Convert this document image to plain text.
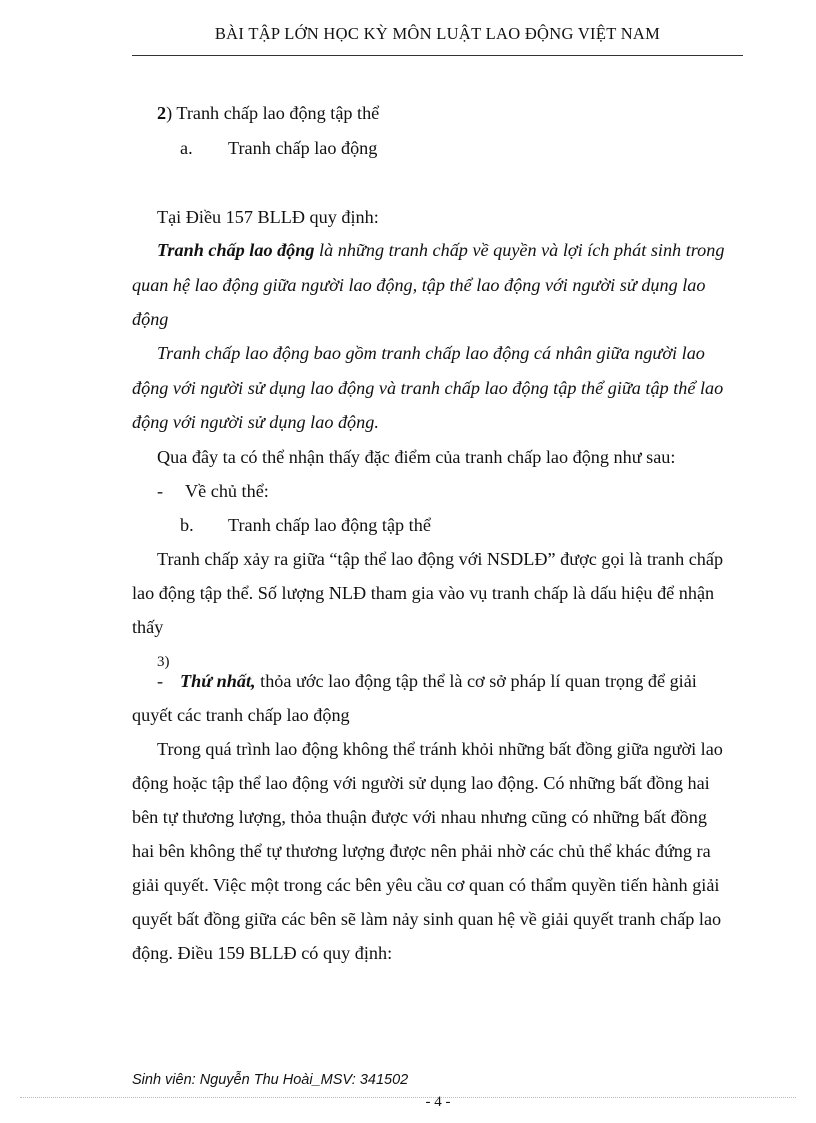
BÀI TẬP LỚN HỌC KỲ MÔN LUẬT LAO ĐỘNG VIỆT NAM
2) Tranh chấp lao động tập thể
a. Tranh chấp lao động
Tại Điều 157 BLLĐ quy định:
Tranh chấp lao động là những tranh chấp về quyền và lợi ích phát sinh trong
quan hệ lao động giữa người lao động, tập thể lao động với người sử dụng lao
động
Tranh chấp lao động bao gồm tranh chấp lao động cá nhân giữa người lao
động với người sử dụng lao động và tranh chấp lao động tập thể giữa tập thể lao
động với người sử dụng lao động.
Qua đây ta có thể nhận thấy đặc điểm của tranh chấp lao động như sau:
- Về chủ thể:
b. Tranh chấp lao động tập thể
Tranh chấp xảy ra giữa “tập thể lao động với NSDLĐ” được gọi là tranh chấp
lao động tập thể. Số lượng NLĐ tham gia vào vụ tranh chấp là dấu hiệu để nhận
thấy
3)
- Thứ nhất, thỏa ước lao động tập thể là cơ sở pháp lí quan trọng để giải
quyết các tranh chấp lao động
Trong quá trình lao động không thể tránh khỏi những bất đồng giữa người lao
động hoặc tập thể lao động với người sử dụng lao động. Có những bất đồng hai
bên tự thương lượng, thỏa thuận được với nhau nhưng cũng có những bất đồng
hai bên không thể tự thương lượng được nên phải nhờ các chủ thể khác đứng ra
giải quyết. Việc một trong các bên yêu cầu cơ quan có thẩm quyền tiến hành giải
quyết bất đồng giữa các bên sẽ làm nảy sinh quan hệ về giải quyết tranh chấp lao
động. Điều 159 BLLĐ có quy định:
Sinh viên: Nguyễn Thu Hoài_MSV: 341502
- 4 -
